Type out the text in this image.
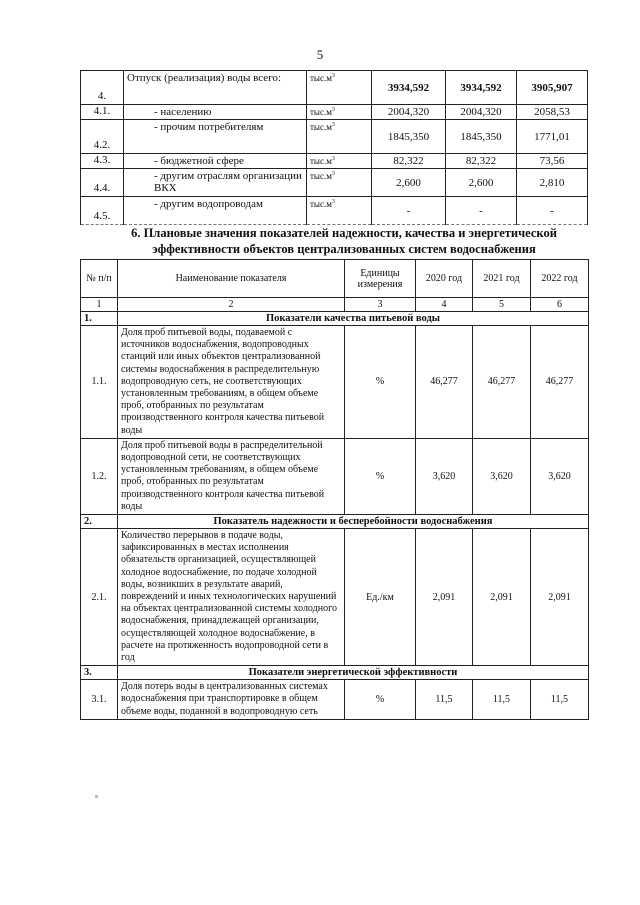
5
4.	Отпуск (реализация) воды всего:	$тыс.м^3$	3934,592	3934,592	3905,907
4.1.	- населению	$тыс.м^3$	2004,320	2004,320	2058,53
4.2.	- прочим потребителям	$тыс.м^3$	1845,350	1845,350	1771,01
4.3.	- бюджетной сфере	$тыс.м^3$	82,322	82,322	73,56
4.4.	- другим отраслям организации ВКХ	$тыс.м^3$	2,600	2,600	2,810
4.5.	- другим водопроводам	$тыс.м^3$	-	-	-
6. Плановые значения показателей надежности, качества и энергетической
эффективности объектов централизованных систем водоснабжения
№ п/п	Наименование показателя	Единицы измерения	2020 год	2021 год	2022 год
1	2	3	4	5	6
1.	Показатели качества питьевой воды				
1.1.	Доля проб питьевой воды, подаваемой с источников водоснабжения, водопроводных станций или иных объектов централизованной системы водоснабжения в распределительную водопроводную сеть, не соответствующих установленным требованиям, в общем объеме проб, отобранных по результатам производственного контроля качества питьевой воды	%	46,277	46,277	46,277
1.2.	Доля проб питьевой воды в распределительной водопроводной сети, не соответствующих установленным требованиям, в общем объеме проб, отобранных по результатам производственного контроля качества питьевой воды	%	3,620	3,620	3,620
2.	Показатель надежности и бесперебойности водоснабжения				
2.1.	Количество перерывов в подаче воды, зафиксированных в местах исполнения обязательств организацией, осуществляющей холодное водоснабжение, по подаче холодной воды, возникших в результате аварий, повреждений и иных технологических нарушений на объектах централизованной системы холодного водоснабжения, принадлежащей организации, осуществляющей холодное водоснабжение, в расчете на протяженность водопроводной сети в год	Ед./км	2,091	2,091	2,091
3.	Показатели энергетической эффективности				
3.1.	Доля потерь воды в централизованных системах водоснабжения при транспортировке в общем объеме воды, поданной в водопроводную сеть	%	11,5	11,5	11,5
